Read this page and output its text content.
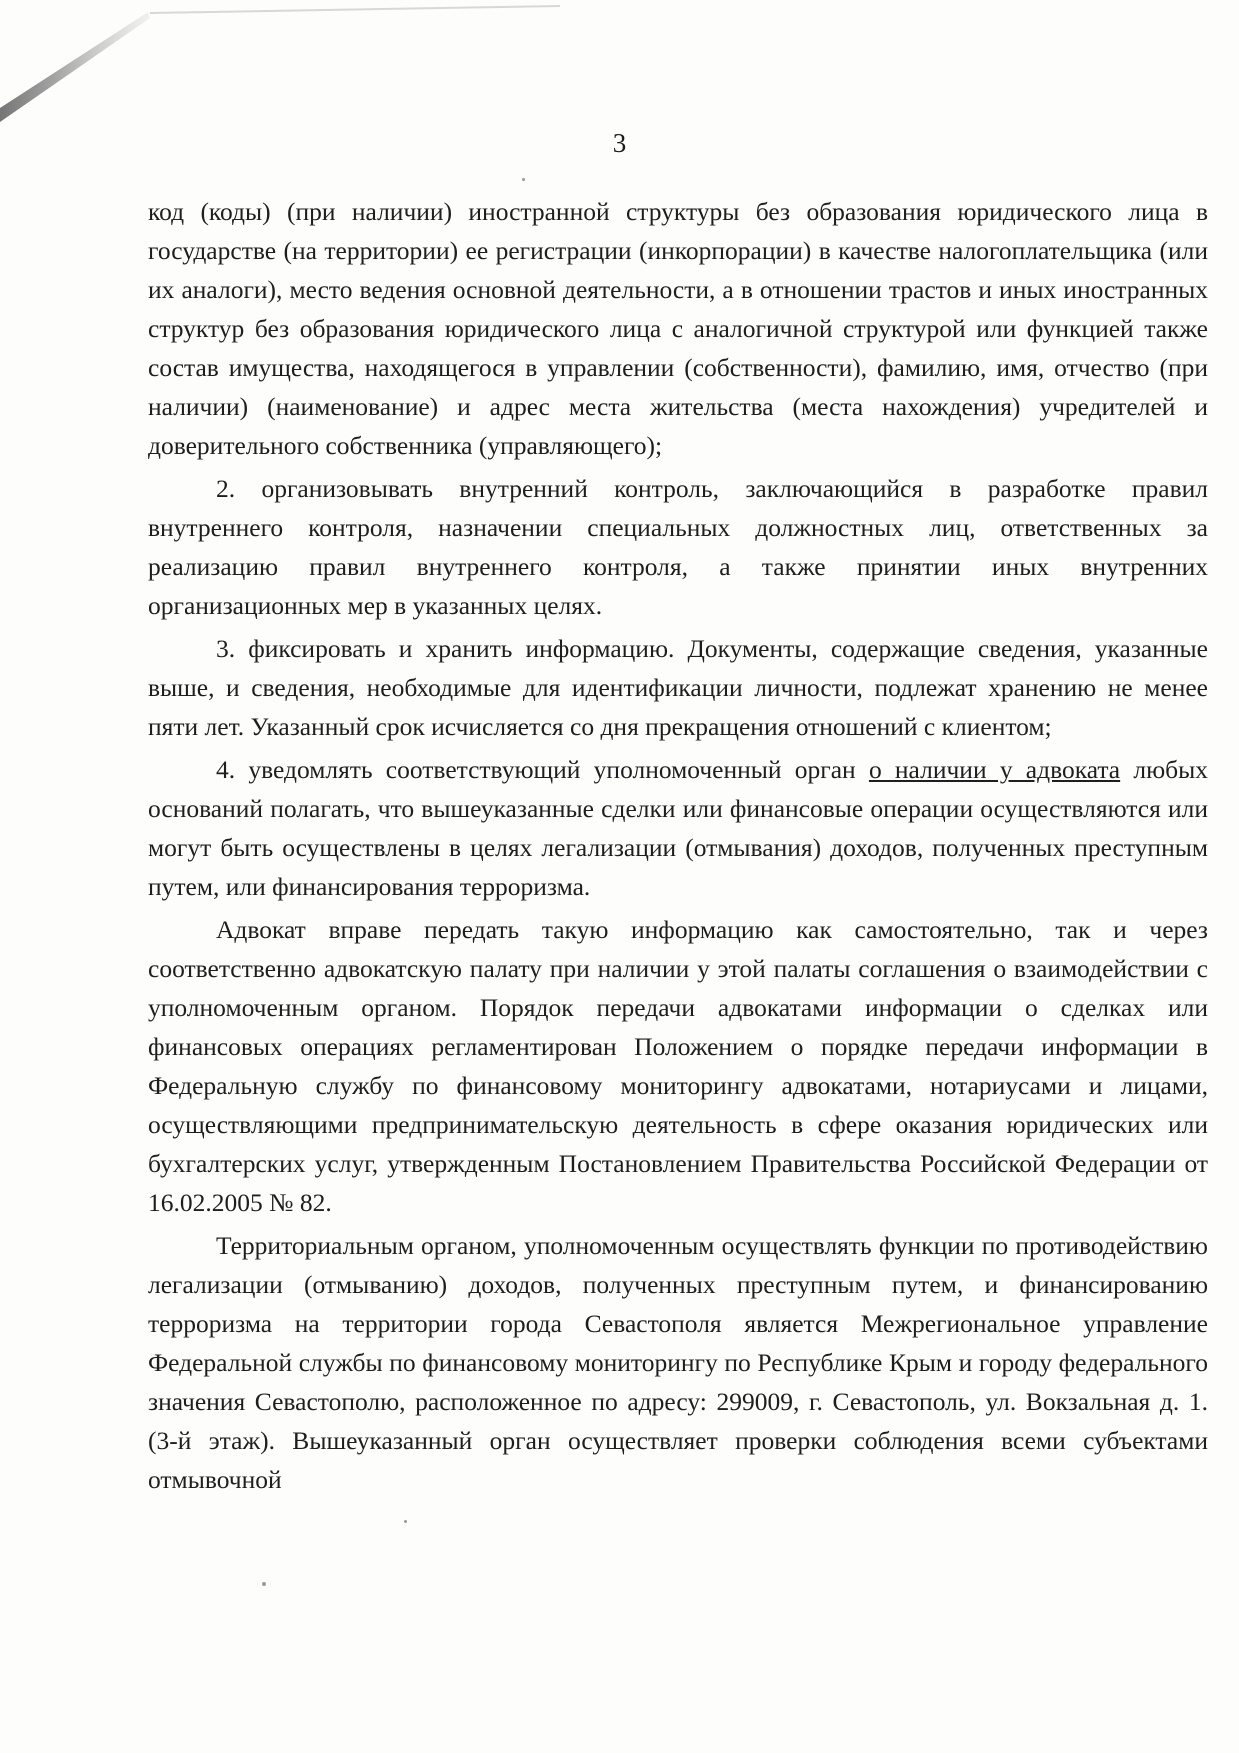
3

код (коды) (при наличии) иностранной структуры без образования юридического лица в государстве (на территории) ее регистрации (инкорпорации) в качестве налогоплательщика (или их аналоги), место ведения основной деятельности, а в отношении трастов и иных иностранных структур без образования юридического лица с аналогичной структурой или функцией также состав имущества, находящегося в управлении (собственности), фамилию, имя, отчество (при наличии) (наименование) и адрес места жительства (места нахождения) учредителей и доверительного собственника (управляющего);

2. организовывать внутренний контроль, заключающийся в разработке правил внутреннего контроля, назначении специальных должностных лиц, ответственных за реализацию правил внутреннего контроля, а также принятии иных внутренних организационных мер в указанных целях.

3. фиксировать и хранить информацию. Документы, содержащие сведения, указанные выше, и сведения, необходимые для идентификации личности, подлежат хранению не менее пяти лет. Указанный срок исчисляется со дня прекращения отношений с клиентом;

4. уведомлять соответствующий уполномоченный орган о наличии у адвоката любых оснований полагать, что вышеуказанные сделки или финансовые операции осуществляются или могут быть осуществлены в целях легализации (отмывания) доходов, полученных преступным путем, или финансирования терроризма.

Адвокат вправе передать такую информацию как самостоятельно, так и через соответственно адвокатскую палату при наличии у этой палаты соглашения о взаимодействии с уполномоченным органом. Порядок передачи адвокатами информации о сделках или финансовых операциях регламентирован Положением о порядке передачи информации в Федеральную службу по финансовому мониторингу адвокатами, нотариусами и лицами, осуществляющими предпринимательскую деятельность в сфере оказания юридических или бухгалтерских услуг, утвержденным Постановлением Правительства Российской Федерации от 16.02.2005 № 82.

Территориальным органом, уполномоченным осуществлять функции по противодействию легализации (отмыванию) доходов, полученных преступным путем, и финансированию терроризма на территории города Севастополя является Межрегиональное управление Федеральной службы по финансовому мониторингу по Республике Крым и городу федерального значения Севастополю, расположенное по адресу: 299009, г. Севастополь, ул. Вокзальная д. 1. (3-й этаж). Вышеуказанный орган осуществляет проверки соблюдения всеми субъектами отмывочной
